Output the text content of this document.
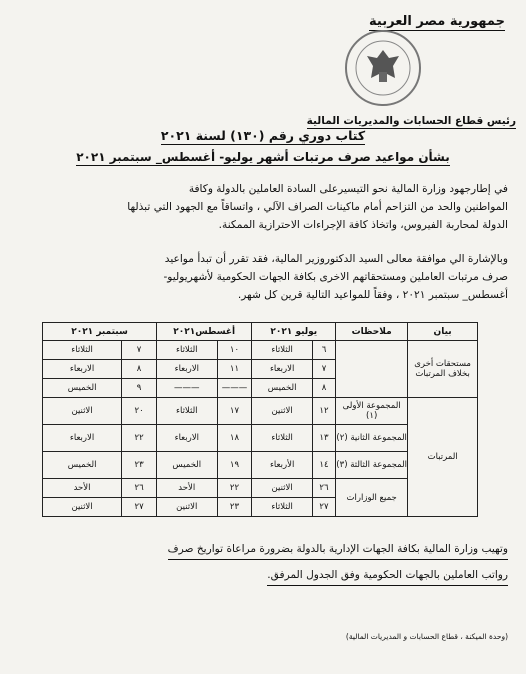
جمهورية مصر العربية
رئيس قطاع الحسابات والمديريات المالية
كتاب دوري رقم (١٣٠) لسنة ٢٠٢١
بشأن مواعيد صرف مرتبات أشهر يوليو- أغسطس_ سبتمبر ٢٠٢١
في إطارجهود وزارة المالية نحو التيسيرعلى السادة العاملين بالدولة وكافة
المواطنين والحد من التزاحم أمام ماكينات الصراف الآلي ، واتساقاً مع الجهود التي تبذلها
الدولة لمحاربة الفيروس، واتخاذ كافة الإجراءات الاحترازية الممكنة.
وبالإشارة الي موافقة معالى السيد الدكتوروزير المالية، فقد تقرر أن تبدأ مواعيد
صرف مرتبات العاملين ومستحقاتهم الاخرى بكافة الجهات الحكومية لأشهريوليو-
أغسطس_ سبتمبر ٢٠٢١ ، وفقاً للمواعيد التالية قرين كل شهر.
بيان	ملاحظات	يوليو ٢٠٢١		أغسطس٢٠٢١		سبتمبر ٢٠٢١	
مستحقات أخرى بخلاف المرتبات		٦	الثلاثاء	١٠	الثلاثاء	٧	الثلاثاء
		٧	الاربعاء	١١	الاربعاء	٨	الاربعاء
		٨	الخميس	———	———	٩	الخميس
المرتبات	المجموعة الأولى (١)	١٢	الاثنين	١٧	الثلاثاء	٢٠	الاثنين
	المجموعة الثانية (٢)	١٣	الثلاثاء	١٨	الاربعاء	٢٢	الاربعاء
	المجموعة الثالثة (٣)	١٤	الأربعاء	١٩	الخميس	٢٣	الخميس
	جميع الوزارات	٢٦	الاثنين	٢٢	الأحد	٢٦	الأحد
		٢٧	الثلاثاء	٢٣	الاثنين	٢٧	الاثنين
وتهيب وزارة المالية بكافة الجهات الإدارية بالدولة بضرورة مراعاة تواريخ صرف
رواتب العاملين بالجهات الحكومية وفق الجدول المرفق.
(وحدة الميكنة ، قطاع الحسابات و المديريات المالية)
